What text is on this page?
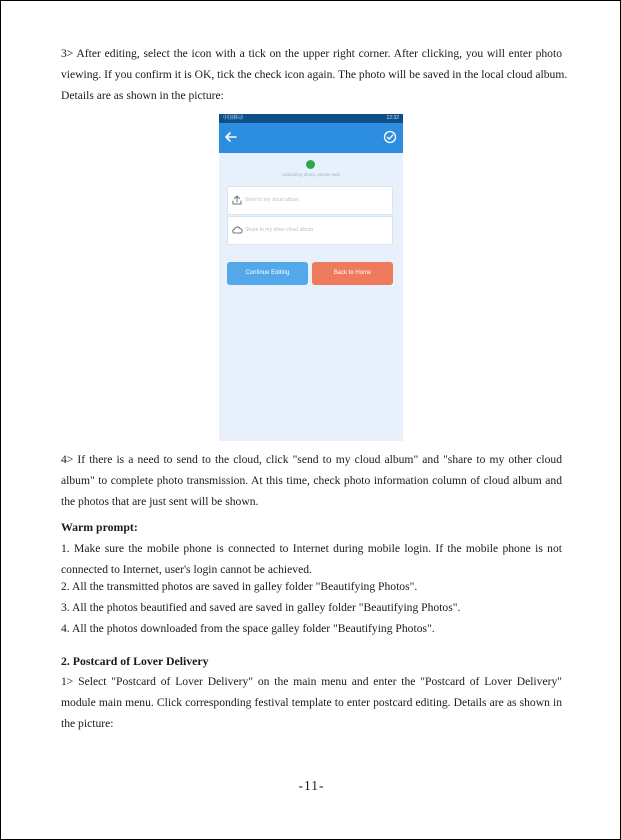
3> After editing, select the icon with a tick on the upper right corner. After clicking, you will enter photo
viewing. If you confirm it is OK, tick the check icon again. The photo will be saved in the local cloud album.
Details are as shown in the picture:
中国移动	12:32
Uploading photo, please wait
Send to my cloud album
Share to my other cloud album
Continue Editing	Back to Home
4> If there is a need to send to the cloud, click "send to my cloud album" and "share to my other cloud
album" to complete photo transmission. At this time, check photo information column of cloud album and
the photos that are just sent will be shown.
Warm prompt:
1. Make sure the mobile phone is connected to Internet during mobile login. If the mobile phone is not
connected to Internet, user's login cannot be achieved.
2. All the transmitted photos are saved in galley folder "Beautifying Photos".
3. All the photos beautified and saved are saved in galley folder "Beautifying Photos".
4. All the photos downloaded from the space galley folder "Beautifying Photos".
2. Postcard of Lover Delivery
1> Select "Postcard of Lover Delivery" on the main menu and enter the "Postcard of Lover Delivery"
module main menu. Click corresponding festival template to enter postcard editing. Details are as shown in
the picture:
-11-
